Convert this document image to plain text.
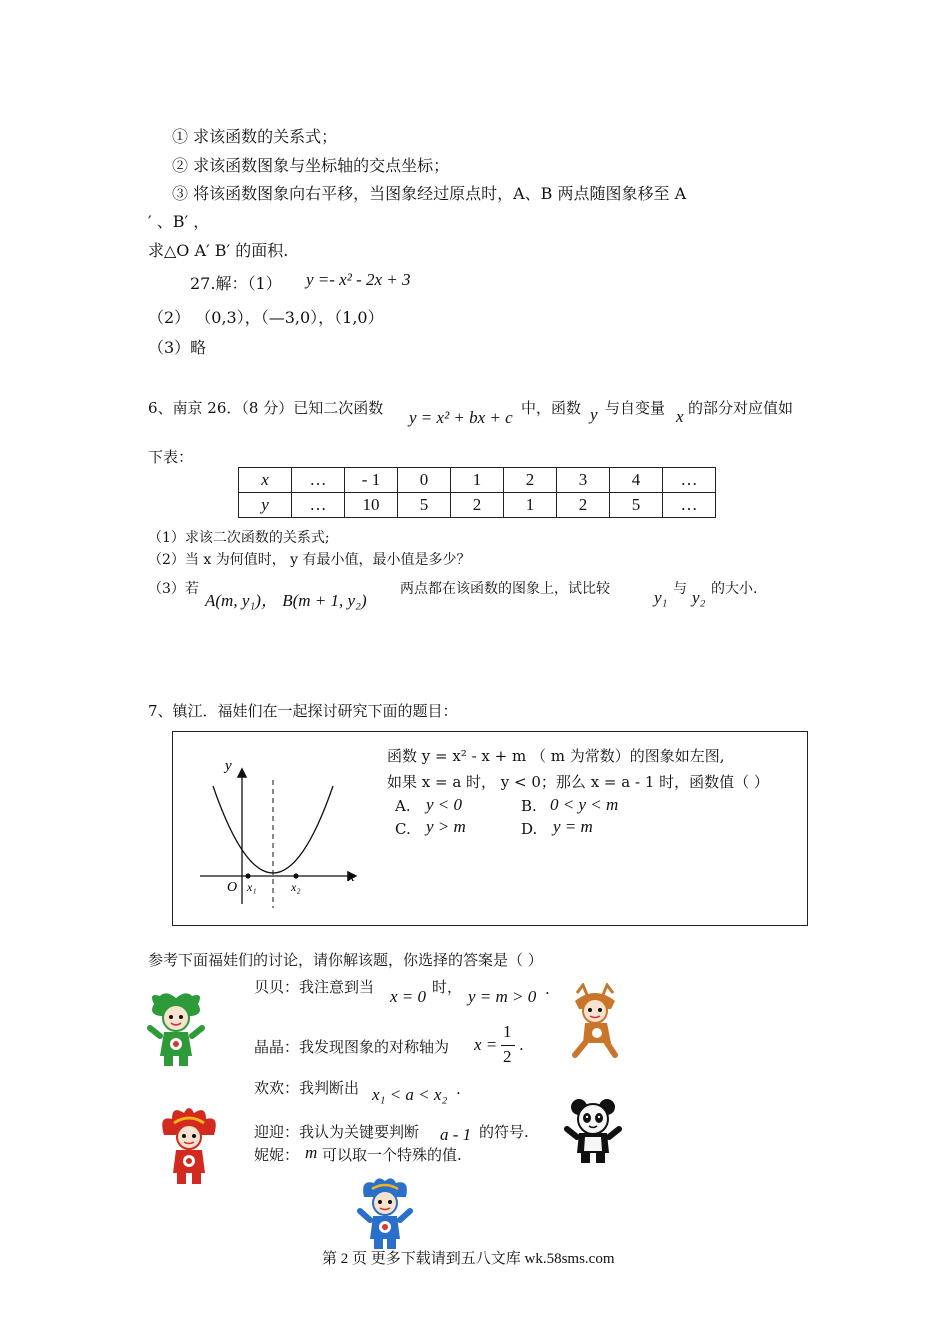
① 求该函数的关系式；
② 求该函数图象与坐标轴的交点坐标；
③ 将该函数图象向右平移，当图象经过原点时，A、B 两点随图象移至 A
′ 、B′ ，
求△O A′ B′ 的面积.
27.解：（1） y =- x² - 2x + 3
（2） （0,3），（—3,0），（1,0）
（3）略
6、南京 26．（8 分）已知二次函数 y = x² + bx + c 中，函数 y 与自变量 x 的部分对应值如
下表：
x	…	- 1	0	1	2	3	4	…
y	…	10	5	2	1	2	5	…
（1）求该二次函数的关系式;
（2）当 x 为何值时， y 有最小值，最小值是多少？
（3）若
A(m, y₁)， B(m + 1, y₂)
两点都在该函数的图象上，试比较	y₁ 与 y₂ 的大小.
7、镇江．福娃们在一起探讨研究下面的题目：
y
x
O x₁	x₂
函数 y = x² - x + m （ m 为常数）的图象如左图,
如果 x = a 时， y < 0；那么 x = a - 1 时，函数值（ ）
A. y < 0	B. 0 < y < m
C. y > m	D. y = m
参考下面福娃们的讨论，请你解该题，你选择的答案是（ ）
贝贝：我注意到当 x = 0 时， y = m > 0 .
晶晶：我发现图象的对称轴为 x =
1
2
.
欢欢：我判断出 x₁ < a < x₂ .
迎迎：我认为关键要判断 a - 1 的符号.
妮妮： m 可以取一个特殊的值.
第 2 页 更多下载请到五八文库 wk.58sms.com
